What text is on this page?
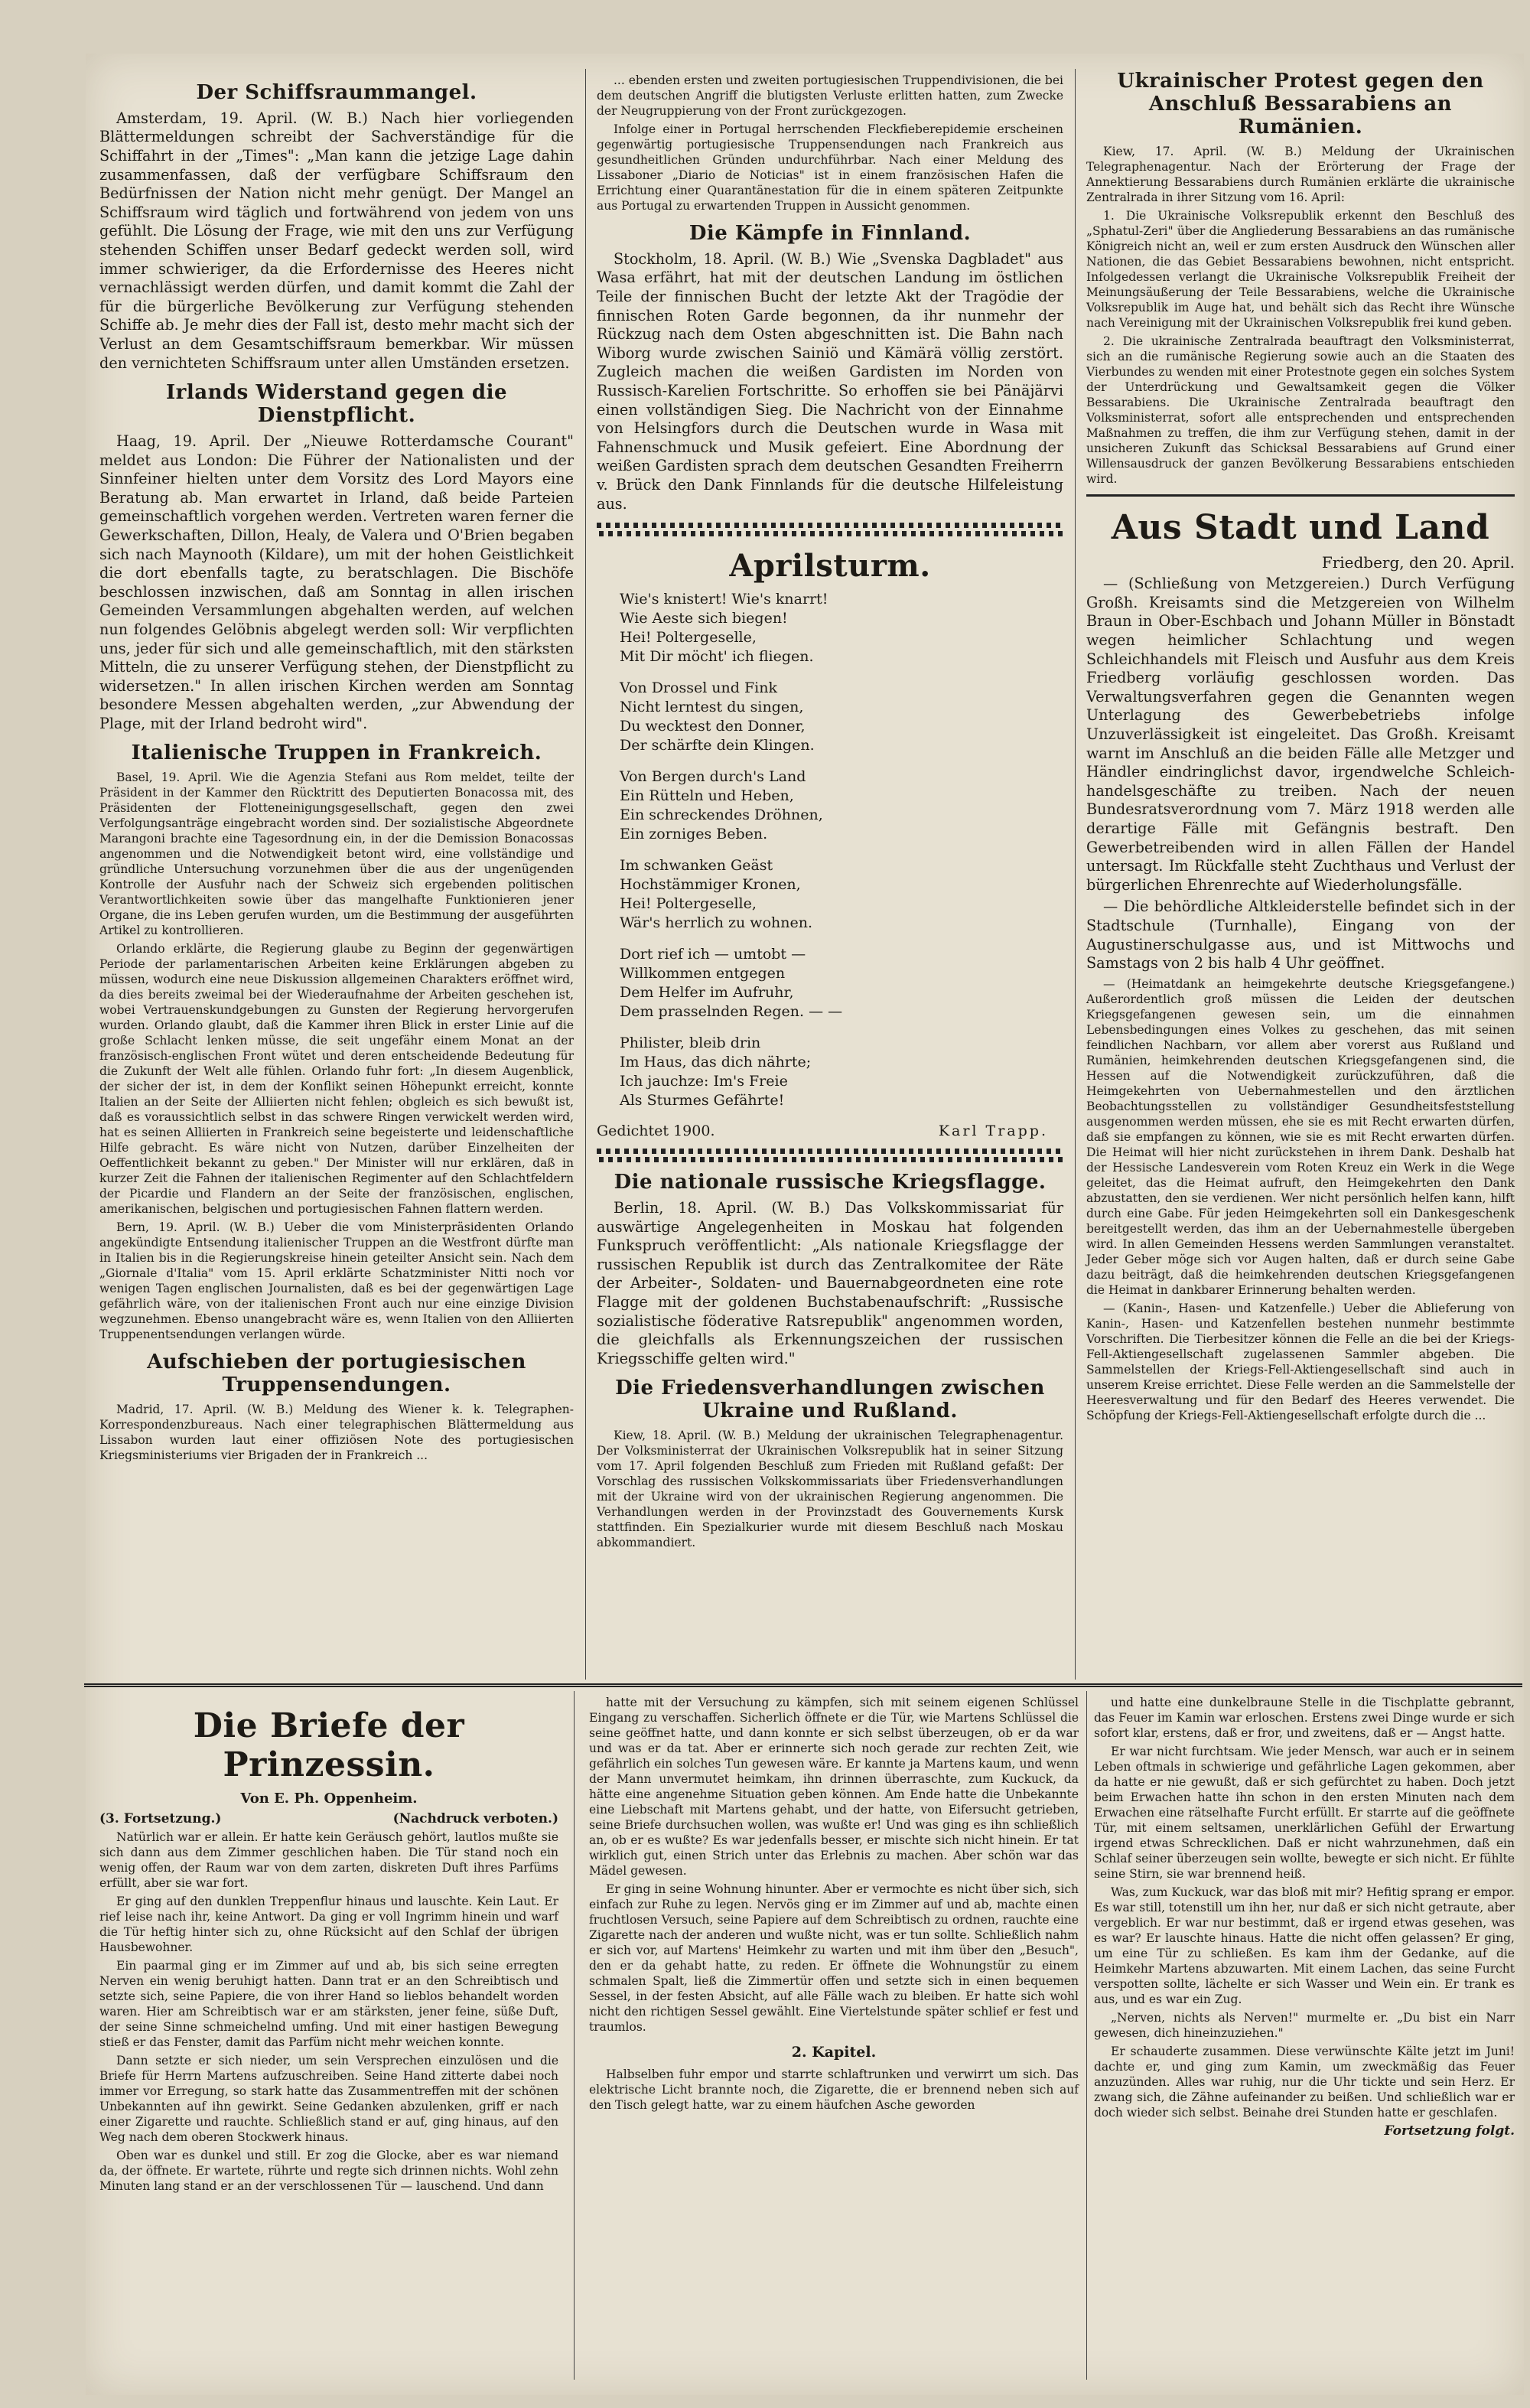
Der Schiffsraummangel.

Amsterdam, 19. April. (W. B.) Nach hier vorliegenden Blättermeldungen schreibt der Sachverständige für die Schiffahrt in der „Times": „Man kann die jetzige Lage dahin zusammenfassen, daß der verfügbare Schiffsraum den Bedürfnissen der Nation nicht mehr genügt. Der Mangel an Schiffsraum wird täglich und fortwährend von jedem von uns gefühlt. Die Lösung der Frage, wie mit den uns zur Verfügung stehenden Schiffen unser Bedarf gedeckt werden soll, wird immer schwieriger, da die Erfordernisse des Heeres nicht vernachlässigt werden dürfen, und damit kommt die Zahl der für die bürgerliche Bevölkerung zur Verfügung stehenden Schiffe ab. Je mehr dies der Fall ist, desto mehr macht sich der Verlust an dem Gesamtschiffsraum bemerkbar. Wir müssen den vernichteten Schiffsraum unter allen Umständen ersetzen.

Irlands Widerstand gegen die Dienstpflicht.

Haag, 19. April. Der „Nieuwe Rotterdamsche Courant" meldet aus London: Die Führer der Nationalisten und der Sinnfeiner hielten unter dem Vorsitz des Lord Mayors eine Beratung ab. Man erwartet in Irland, daß beide Parteien gemeinschaftlich vorgehen werden. Vertreten waren ferner die Gewerkschaften, Dillon, Healy, de Valera und O'Brien begaben sich nach Maynooth (Kildare), um mit der hohen Geistlichkeit die dort ebenfalls tagte, zu beratschlagen. Die Bischöfe beschlossen inzwischen, daß am Sonntag in allen irischen Gemeinden Versammlungen abgehalten werden, auf welchen nun folgendes Gelöbnis abgelegt werden soll: Wir verpflichten uns, jeder für sich und alle gemeinschaftlich, mit den stärksten Mitteln, die zu unserer Verfügung stehen, der Dienstpflicht zu widersetzen." In allen irischen Kirchen werden am Sonntag besondere Messen abgehalten werden, „zur Abwendung der Plage, mit der Irland bedroht wird".

Italienische Truppen in Frankreich.

Basel, 19. April. Wie die Agenzia Stefani aus Rom meldet, teilte der Präsident in der Kammer den Rücktritt des Deputierten Bonacossa mit, des Präsidenten der Flotteneinigungsgesellschaft, gegen den zwei Verfolgungsanträge eingebracht worden sind. Der sozialistische Abgeordnete Marangoni brachte eine Tagesordnung ein, in der die Demission Bonacossas angenommen und die Notwendigkeit betont wird, eine vollständige und gründliche Untersuchung vorzunehmen über die aus der ungenügenden Kontrolle der Ausfuhr nach der Schweiz sich ergebenden politischen Verantwortlichkeiten sowie über das mangelhafte Funktionieren jener Organe, die ins Leben gerufen wurden, um die Bestimmung der ausgeführten Artikel zu kontrollieren.

Orlando erklärte, die Regierung glaube zu Beginn der gegenwärtigen Periode der parlamentarischen Arbeiten keine Erklärungen abgeben zu müssen, wodurch eine neue Diskussion allgemeinen Charakters eröffnet wird, da dies bereits zweimal bei der Wiederaufnahme der Arbeiten geschehen ist, wobei Vertrauenskundgebungen zu Gunsten der Regierung hervorgerufen wurden. Orlando glaubt, daß die Kammer ihren Blick in erster Linie auf die große Schlacht lenken müsse, die seit ungefähr einem Monat an der französisch-englischen Front wütet und deren entscheidende Bedeutung für die Zukunft der Welt alle fühlen. Orlando fuhr fort: „In diesem Augenblick, der sicher der ist, in dem der Konflikt seinen Höhepunkt erreicht, konnte Italien an der Seite der Alliierten nicht fehlen; obgleich es sich bewußt ist, daß es voraussichtlich selbst in das schwere Ringen verwickelt werden wird, hat es seinen Alliierten in Frankreich seine begeisterte und leidenschaftliche Hilfe gebracht. Es wäre nicht von Nutzen, darüber Einzelheiten der Oeffentlichkeit bekannt zu geben." Der Minister will nur erklären, daß in kurzer Zeit die Fahnen der italienischen Regimenter auf den Schlachtfeldern der Picardie und Flandern an der Seite der französischen, englischen, amerikanischen, belgischen und portugiesischen Fahnen flattern werden.

Bern, 19. April. (W. B.) Ueber die vom Ministerpräsidenten Orlando angekündigte Entsendung italienischer Truppen an die Westfront dürfte man in Italien bis in die Regierungskreise hinein geteilter Ansicht sein. Nach dem „Giornale d'Italia" vom 15. April erklärte Schatzminister Nitti noch vor wenigen Tagen englischen Journalisten, daß es bei der gegenwärtigen Lage gefährlich wäre, von der italienischen Front auch nur eine einzige Division wegzunehmen. Ebenso unangebracht wäre es, wenn Italien von den Alliierten Truppenentsendungen verlangen würde.

Aufschieben der portugiesischen Truppensendungen.

Madrid, 17. April. (W. B.) Meldung des Wiener k. k. Telegraphen-Korrespondenzbureaus. Nach einer telegraphischen Blättermeldung aus Lissabon wurden laut einer offiziösen Note des portugiesischen Kriegsministeriums vier Brigaden der in Frankreich ...

... ebenden ersten und zweiten portugiesischen Truppendivisionen, die bei dem deutschen Angriff die blutigsten Verluste erlitten hatten, zum Zwecke der Neugruppierung von der Front zurückgezogen.

Infolge einer in Portugal herrschenden Fleckfieberepidemie erscheinen gegenwärtig portugiesische Truppensendungen nach Frankreich aus gesundheitlichen Gründen undurchführbar. Nach einer Meldung des Lissaboner „Diario de Noticias" ist in einem französischen Hafen die Errichtung einer Quarantänestation für die in einem späteren Zeitpunkte aus Portugal zu erwartenden Truppen in Aussicht genommen.

Die Kämpfe in Finnland.

Stockholm, 18. April. (W. B.) Wie „Svenska Dagbladet" aus Wasa erfährt, hat mit der deutschen Landung im östlichen Teile der finnischen Bucht der letzte Akt der Tragödie der finnischen Roten Garde begonnen, da ihr nunmehr der Rückzug nach dem Osten abgeschnitten ist. Die Bahn nach Wiborg wurde zwischen Sainiö und Kämärä völlig zerstört. Zugleich machen die weißen Gardisten im Norden von Russisch-Karelien Fortschritte. So erhoffen sie bei Pänäjärvi einen vollständigen Sieg. Die Nachricht von der Einnahme von Helsingfors durch die Deutschen wurde in Wasa mit Fahnenschmuck und Musik gefeiert. Eine Abordnung der weißen Gardisten sprach dem deutschen Gesandten Freiherrn v. Brück den Dank Finnlands für die deutsche Hilfeleistung aus.

Aprilsturm.
Wie's knistert! Wie's knarrt!
Wie Aeste sich biegen!
Hei! Poltergeselle,
Mit Dir möcht' ich fliegen.
Von Drossel und Fink
Nicht lerntest du singen,
Du wecktest den Donner,
Der schärfte dein Klingen.
Von Bergen durch's Land
Ein Rütteln und Heben,
Ein schreckendes Dröhnen,
Ein zorniges Beben.
Im schwanken Geäst
Hochstämmiger Kronen,
Hei! Poltergeselle,
Wär's herrlich zu wohnen.
Dort rief ich — umtobt —
Willkommen entgegen
Dem Helfer im Aufruhr,
Dem prasselnden Regen. — —
Philister, bleib drin
Im Haus, das dich nährte;
Ich jauchze: Im's Freie
Als Sturmes Gefährte!
Gedichtet 1900.	Karl Trapp.
Die nationale russische Kriegsflagge.

Berlin, 18. April. (W. B.) Das Volkskommissariat für auswärtige Angelegenheiten in Moskau hat folgenden Funkspruch veröffentlicht: „Als nationale Kriegsflagge der russischen Republik ist durch das Zentralkomitee der Räte der Arbeiter-, Soldaten- und Bauernabgeordneten eine rote Flagge mit der goldenen Buchstabenaufschrift: „Russische sozialistische föderative Ratsrepublik" angenommen worden, die gleichfalls als Erkennungszeichen der russischen Kriegsschiffe gelten wird."

Die Friedensverhandlungen zwischen Ukraine und Rußland.

Kiew, 18. April. (W. B.) Meldung der ukrainischen Telegraphenagentur. Der Volksministerrat der Ukrainischen Volksrepublik hat in seiner Sitzung vom 17. April folgenden Beschluß zum Frieden mit Rußland gefaßt: Der Vorschlag des russischen Volkskommissariats über Friedensverhandlungen mit der Ukraine wird von der ukrainischen Regierung angenommen. Die Verhandlungen werden in der Provinzstadt des Gouvernements Kursk stattfinden. Ein Spezialkurier wurde mit diesem Beschluß nach Moskau abkommandiert.

Ukrainischer Protest gegen den Anschluß Bessarabiens an Rumänien.

Kiew, 17. April. (W. B.) Meldung der Ukrainischen Telegraphenagentur. Nach der Erörterung der Frage der Annektierung Bessarabiens durch Rumänien erklärte die ukrainische Zentralrada in ihrer Sitzung vom 16. April:

1. Die Ukrainische Volksrepublik erkennt den Beschluß des „Sphatul-Zeri" über die Angliederung Bessarabiens an das rumänische Königreich nicht an, weil er zum ersten Ausdruck den Wünschen aller Nationen, die das Gebiet Bessarabiens bewohnen, nicht entspricht. Infolgedessen verlangt die Ukrainische Volksrepublik Freiheit der Meinungsäußerung der Teile Bessarabiens, welche die Ukrainische Volksrepublik im Auge hat, und behält sich das Recht ihre Wünsche nach Vereinigung mit der Ukrainischen Volksrepublik frei kund geben.

2. Die ukrainische Zentralrada beauftragt den Volksministerrat, sich an die rumänische Regierung sowie auch an die Staaten des Vierbundes zu wenden mit einer Protestnote gegen ein solches System der Unterdrückung und Gewaltsamkeit gegen die Völker Bessarabiens. Die Ukrainische Zentralrada beauftragt den Volksministerrat, sofort alle entsprechenden und entsprechenden Maßnahmen zu treffen, die ihm zur Verfügung stehen, damit in der unsicheren Zukunft das Schicksal Bessarabiens auf Grund einer Willensausdruck der ganzen Bevölkerung Bessarabiens entschieden wird.

Aus Stadt und Land
Friedberg, den 20. April.

— (Schließung von Metzgereien.) Durch Verfügung Großh. Kreisamts sind die Metzgereien von Wilhelm Braun in Ober-Eschbach und Johann Müller in Bönstadt wegen heimlicher Schlachtung und wegen Schleichhandels mit Fleisch und Ausfuhr aus dem Kreis Friedberg vorläufig geschlossen worden. Das Verwaltungsverfahren gegen die Genannten wegen Unterlagung des Gewerbebetriebs infolge Unzuverlässigkeit ist eingeleitet. Das Großh. Kreisamt warnt im Anschluß an die beiden Fälle alle Metzger und Händler eindringlichst davor, irgendwelche Schleich-handelsgeschäfte zu treiben. Nach der neuen Bundesratsverordnung vom 7. März 1918 werden alle derartige Fälle mit Gefängnis bestraft. Den Gewerbetreibenden wird in allen Fällen der Handel untersagt. Im Rückfalle steht Zuchthaus und Verlust der bürgerlichen Ehrenrechte auf Wiederholungsfälle.

— Die behördliche Altkleiderstelle befindet sich in der Stadtschule (Turnhalle), Eingang von der Augustinerschulgasse aus, und ist Mittwochs und Samstags von 2 bis halb 4 Uhr geöffnet.

— (Heimatdank an heimgekehrte deutsche Kriegsgefangene.) Außerordentlich groß müssen die Leiden der deutschen Kriegsgefangenen gewesen sein, um die einnahmen Lebensbedingungen eines Volkes zu geschehen, das mit seinen feindlichen Nachbarn, vor allem aber vorerst aus Rußland und Rumänien, heimkehrenden deutschen Kriegsgefangenen sind, die Hessen auf die Notwendigkeit zurückzuführen, daß die Heimgekehrten von Uebernahmestellen und den ärztlichen Beobachtungsstellen zu vollständiger Gesundheitsfeststellung ausgenommen werden müssen, ehe sie es mit Recht erwarten dürfen, daß sie empfangen zu können, wie sie es mit Recht erwarten dürfen. Die Heimat will hier nicht zurückstehen in ihrem Dank. Deshalb hat der Hessische Landesverein vom Roten Kreuz ein Werk in die Wege geleitet, das die Heimat aufruft, den Heimgekehrten den Dank abzustatten, den sie verdienen. Wer nicht persönlich helfen kann, hilft durch eine Gabe. Für jeden Heimgekehrten soll ein Dankesgeschenk bereitgestellt werden, das ihm an der Uebernahmestelle übergeben wird. In allen Gemeinden Hessens werden Sammlungen veranstaltet. Jeder Geber möge sich vor Augen halten, daß er durch seine Gabe dazu beiträgt, daß die heimkehrenden deutschen Kriegsgefangenen die Heimat in dankbarer Erinnerung behalten werden.

— (Kanin-, Hasen- und Katzenfelle.) Ueber die Ablieferung von Kanin-, Hasen- und Katzenfellen bestehen nunmehr bestimmte Vorschriften. Die Tierbesitzer können die Felle an die bei der Kriegs-Fell-Aktiengesellschaft zugelassenen Sammler abgeben. Die Sammelstellen der Kriegs-Fell-Aktiengesellschaft sind auch in unserem Kreise errichtet. Diese Felle werden an die Sammelstelle der Heeresverwaltung und für den Bedarf des Heeres verwendet. Die Schöpfung der Kriegs-Fell-Aktiengesellschaft erfolgte durch die ...

Die Briefe der Prinzessin.
Von E. Ph. Oppenheim.
(3. Fortsetzung.)	(Nachdruck verboten.)

Natürlich war er allein. Er hatte kein Geräusch gehört, lautlos mußte sie sich dann aus dem Zimmer geschlichen haben. Die Tür stand noch ein wenig offen, der Raum war von dem zarten, diskreten Duft ihres Parfüms erfüllt, aber sie war fort.

Er ging auf den dunklen Treppenflur hinaus und lauschte. Kein Laut. Er rief leise nach ihr, keine Antwort. Da ging er voll Ingrimm hinein und warf die Tür heftig hinter sich zu, ohne Rücksicht auf den Schlaf der übrigen Hausbewohner.

Ein paarmal ging er im Zimmer auf und ab, bis sich seine erregten Nerven ein wenig beruhigt hatten. Dann trat er an den Schreibtisch und setzte sich, seine Papiere, die von ihrer Hand so lieblos behandelt worden waren. Hier am Schreibtisch war er am stärksten, jener feine, süße Duft, der seine Sinne schmeichelnd umfing. Und mit einer hastigen Bewegung stieß er das Fenster, damit das Parfüm nicht mehr weichen konnte.

Dann setzte er sich nieder, um sein Versprechen einzulösen und die Briefe für Herrn Martens aufzuschreiben. Seine Hand zitterte dabei noch immer vor Erregung, so stark hatte das Zusammentreffen mit der schönen Unbekannten auf ihn gewirkt. Seine Gedanken abzulenken, griff er nach einer Zigarette und rauchte. Schließlich stand er auf, ging hinaus, auf den Weg nach dem oberen Stockwerk hinaus.

Oben war es dunkel und still. Er zog die Glocke, aber es war niemand da, der öffnete. Er wartete, rührte und regte sich drinnen nichts. Wohl zehn Minuten lang stand er an der verschlossenen Tür — lauschend. Und dann

hatte mit der Versuchung zu kämpfen, sich mit seinem eigenen Schlüssel Eingang zu verschaffen. Sicherlich öffnete er die Tür, wie Martens Schlüssel die seine geöffnet hatte, und dann konnte er sich selbst überzeugen, ob er da war und was er da tat. Aber er erinnerte sich noch gerade zur rechten Zeit, wie gefährlich ein solches Tun gewesen wäre. Er kannte ja Martens kaum, und wenn der Mann unvermutet heimkam, ihn drinnen überraschte, zum Kuckuck, da hätte eine angenehme Situation geben können. Am Ende hatte die Unbekannte eine Liebschaft mit Martens gehabt, und der hatte, von Eifersucht getrieben, seine Briefe durchsuchen wollen, was wußte er! Und was ging es ihn schließlich an, ob er es wußte? Es war jedenfalls besser, er mischte sich nicht hinein. Er tat wirklich gut, einen Strich unter das Erlebnis zu machen. Aber schön war das Mädel gewesen.

Er ging in seine Wohnung hinunter. Aber er vermochte es nicht über sich, sich einfach zur Ruhe zu legen. Nervös ging er im Zimmer auf und ab, machte einen fruchtlosen Versuch, seine Papiere auf dem Schreibtisch zu ordnen, rauchte eine Zigarette nach der anderen und wußte nicht, was er tun sollte. Schließlich nahm er sich vor, auf Martens' Heimkehr zu warten und mit ihm über den „Besuch", den er da gehabt hatte, zu reden. Er öffnete die Wohnungstür zu einem schmalen Spalt, ließ die Zimmertür offen und setzte sich in einen bequemen Sessel, in der festen Absicht, auf alle Fälle wach zu bleiben. Er hatte sich wohl nicht den richtigen Sessel gewählt. Eine Viertelstunde später schlief er fest und traumlos.

2. Kapitel.

Halbselben fuhr empor und starrte schlaftrunken und verwirrt um sich. Das elektrische Licht brannte noch, die Zigarette, die er brennend neben sich auf den Tisch gelegt hatte, war zu einem häufchen Asche geworden

und hatte eine dunkelbraune Stelle in die Tischplatte gebrannt, das Feuer im Kamin war erloschen. Erstens zwei Dinge wurde er sich sofort klar, erstens, daß er fror, und zweitens, daß er — Angst hatte.

Er war nicht furchtsam. Wie jeder Mensch, war auch er in seinem Leben oftmals in schwierige und gefährliche Lagen gekommen, aber da hatte er nie gewußt, daß er sich gefürchtet zu haben. Doch jetzt beim Erwachen hatte ihn schon in den ersten Minuten nach dem Erwachen eine rätselhafte Furcht erfüllt. Er starrte auf die geöffnete Tür, mit einem seltsamen, unerklärlichen Gefühl der Erwartung irgend etwas Schrecklichen. Daß er nicht wahrzunehmen, daß ein Schlaf seiner überzeugen sein wollte, bewegte er sich nicht. Er fühlte seine Stirn, sie war brennend heiß.

Was, zum Kuckuck, war das bloß mit mir? Hefitig sprang er empor. Es war still, totenstill um ihn her, nur daß er sich nicht getraute, aber vergeblich. Er war nur bestimmt, daß er irgend etwas gesehen, was es war? Er lauschte hinaus. Hatte die nicht offen gelassen? Er ging, um eine Tür zu schließen. Es kam ihm der Gedanke, auf die Heimkehr Martens abzuwarten. Mit einem Lachen, das seine Furcht verspotten sollte, lächelte er sich Wasser und Wein ein. Er trank es aus, und es war ein Zug.

„Nerven, nichts als Nerven!" murmelte er. „Du bist ein Narr gewesen, dich hineinzuziehen."

Er schauderte zusammen. Diese verwünschte Kälte jetzt im Juni! dachte er, und ging zum Kamin, um zweckmäßig das Feuer anzuzünden. Alles war ruhig, nur die Uhr tickte und sein Herz. Er zwang sich, die Zähne aufeinander zu beißen. Und schließlich war er doch wieder sich selbst. Beinahe drei Stunden hatte er geschlafen.

Fortsetzung folgt.
